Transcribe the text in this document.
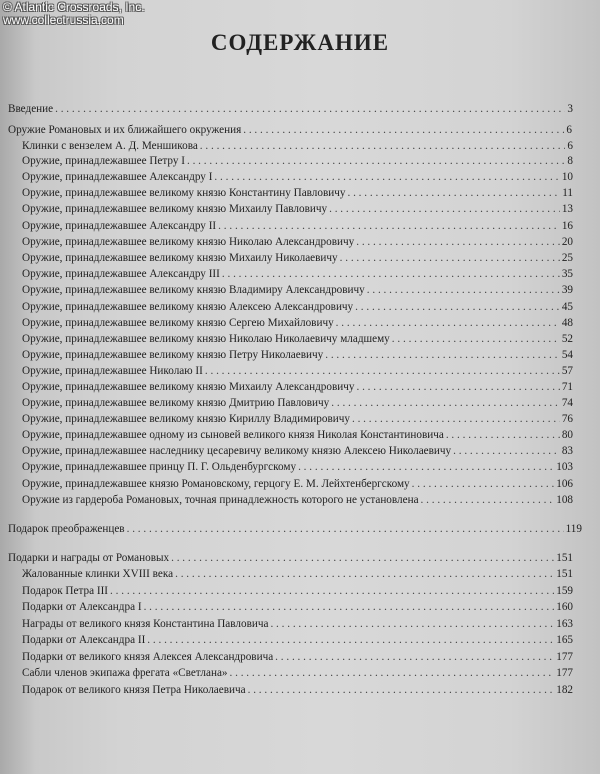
© Atlantic Crossroads, Inc.
www.collectrussia.com
СОДЕРЖАНИЕ
Введение . . .	3
Оружие Романовых и их ближайшего окружения . . .	6
Клинки с вензелем А. Д. Меншикова . . .	6
Оружие, принадлежавшее Петру I . . .	8
Оружие, принадлежавшее Александру I . . .	10
Оружие, принадлежавшее великому князю Константину Павловичу . . .	11
Оружие, принадлежавшее великому князю Михаилу Павловичу . . .	13
Оружие, принадлежавшее Александру II . . .	16
Оружие, принадлежавшее великому князю Николаю Александровичу . . .	20
Оружие, принадлежавшее великому князю Михаилу Николаевичу . . .	25
Оружие, принадлежавшее Александру III . . .	35
Оружие, принадлежавшее великому князю Владимиру Александровичу . . .	39
Оружие, принадлежавшее великому князю Алексею Александровичу . . .	45
Оружие, принадлежавшее великому князю Сергею Михайловичу . . .	48
Оружие, принадлежавшее великому князю Николаю Николаевичу младшему . . .	52
Оружие, принадлежавшее великому князю Петру Николаевичу . . .	54
Оружие, принадлежавшее Николаю II . . .	57
Оружие, принадлежавшее великому князю Михаилу Александровичу . . .	71
Оружие, принадлежавшее великому князю Дмитрию Павловичу . . .	74
Оружие, принадлежавшее великому князю Кириллу Владимировичу . . .	76
Оружие, принадлежавшее одному из сыновей великого князя Николая Константиновича . . .	80
Оружие, принадлежавшее наследнику цесаревичу великому князю Алексею Николаевичу . . .	83
Оружие, принадлежавшее принцу П. Г. Ольденбургскому . . .	103
Оружие, принадлежавшее князю Романовскому, герцогу Е. М. Лейхтенбергскому . . .	106
Оружие из гардероба Романовых, точная принадлежность которого не установлена . . .	108
Подарок преображенцев . . .	119
Подарки и награды от Романовых . . .	151
Жалованные клинки XVIII века . . .	151
Подарок Петра III . . .	159
Подарки от Александра I . . .	160
Награды от великого князя Константина Павловича . . .	163
Подарки от Александра II . . .	165
Подарки от великого князя Алексея Александровича . . .	177
Сабли членов экипажа фрегата «Светлана» . . .	177
Подарок от великого князя Петра Николаевича . . .	182
